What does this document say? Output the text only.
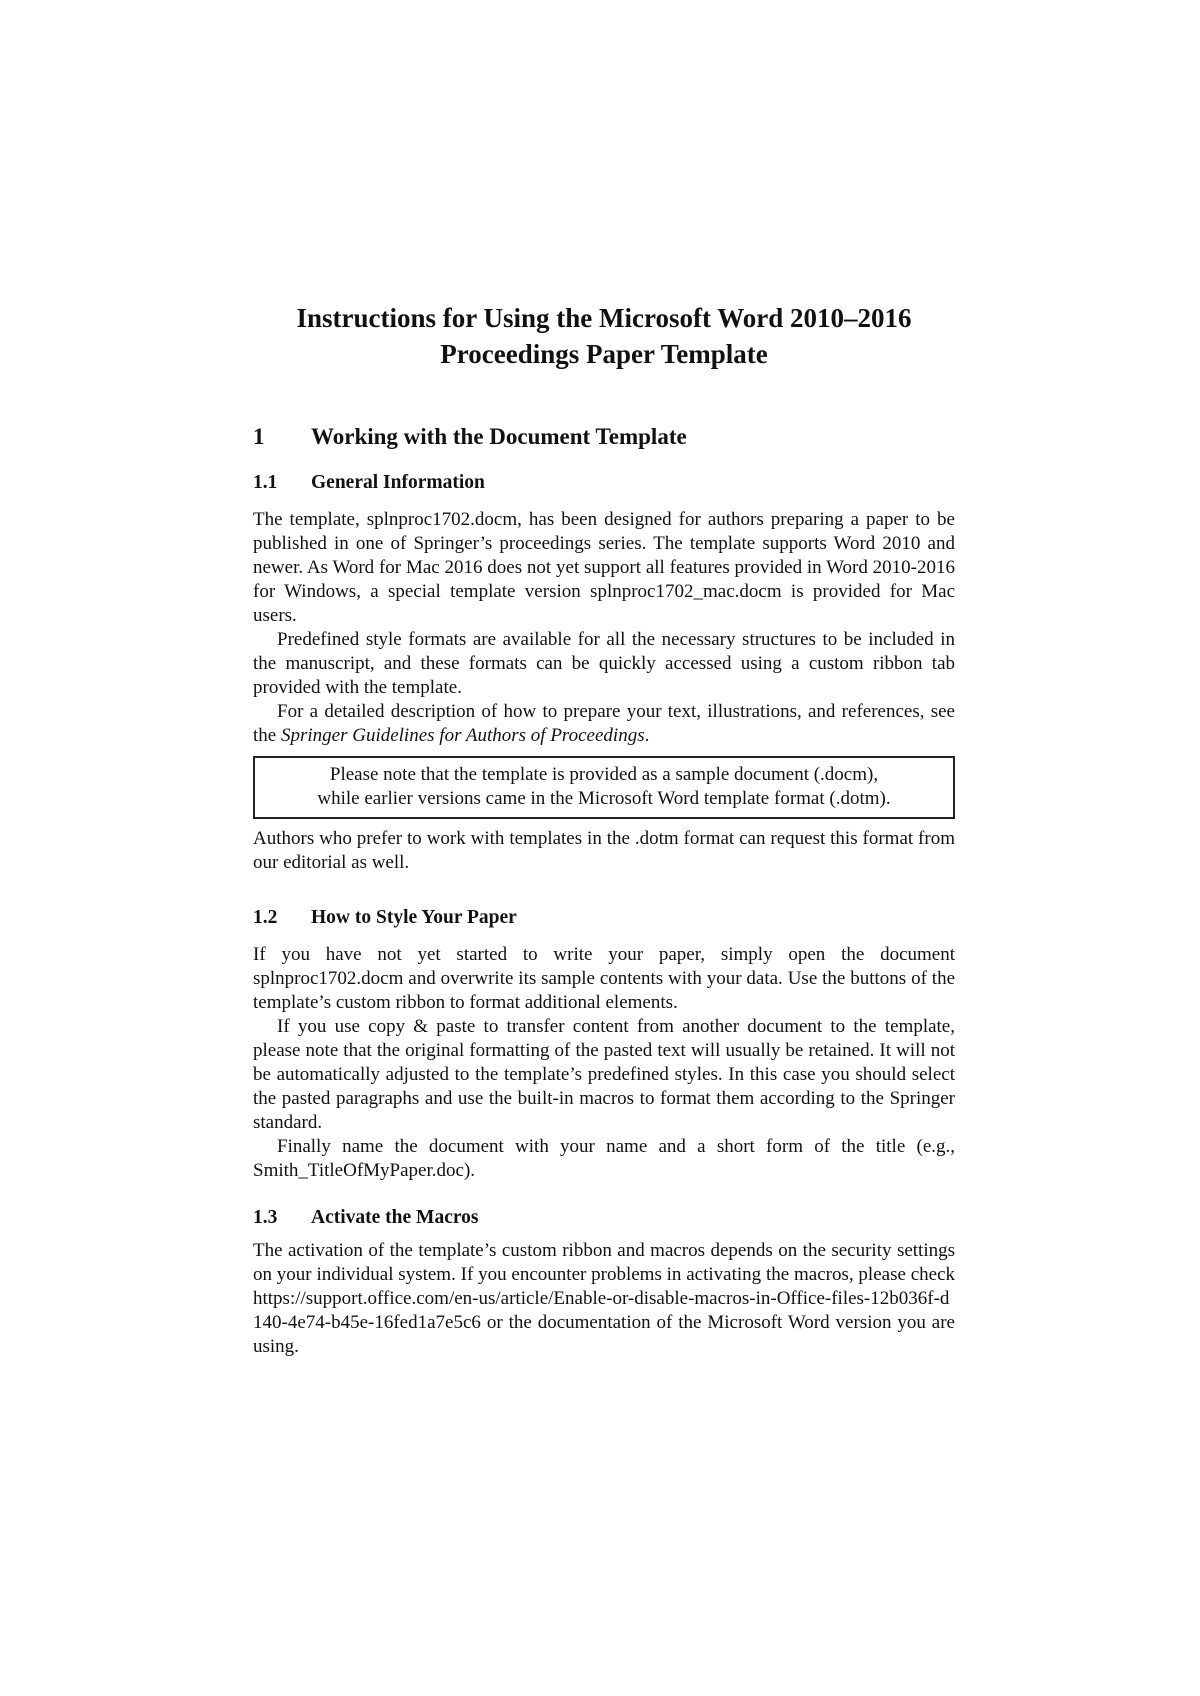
Instructions for Using the Microsoft Word 2010–2016
Proceedings Paper Template
1	Working with the Document Template
1.1	General Information

The template, splnproc1702.docm, has been designed for authors preparing a paper to be published in one of Springer’s proceedings series. The template supports Word 2010 and newer. As Word for Mac 2016 does not yet support all features provided in Word 2010-2016 for Windows, a special template version splnproc1702_mac.docm is provided for Mac users.

Predefined style formats are available for all the necessary structures to be included in the manuscript, and these formats can be quickly accessed using a custom ribbon tab provided with the template.

For a detailed description of how to prepare your text, illustrations, and references, see the Springer Guidelines for Authors of Proceedings.

Please note that the template is provided as a sample document (.docm),
while earlier versions came in the Microsoft Word template format (.dotm).

Authors who prefer to work with templates in the .dotm format can request this format from our editorial as well.

1.2	How to Style Your Paper

If you have not yet started to write your paper, simply open the document splnproc1702.docm and overwrite its sample contents with your data. Use the buttons of the template’s custom ribbon to format additional elements.

If you use copy & paste to transfer content from another document to the template, please note that the original formatting of the pasted text will usually be retained. It will not be automatically adjusted to the template’s predefined styles. In this case you should select the pasted paragraphs and use the built-in macros to format them according to the Springer standard.

Finally name the document with your name and a short form of the title (e.g., Smith_TitleOfMyPaper.doc).

1.3	Activate the Macros

The activation of the template’s custom ribbon and macros depends on the security settings on your individual system. If you encounter problems in activating the macros, please check https://support.office.com/en-us/article/Enable-or-disable-macros-in-Office-files-12b036f-d140-4e74-b45e-16fed1a7e5c6 or the documentation of the Microsoft Word version you are using.
